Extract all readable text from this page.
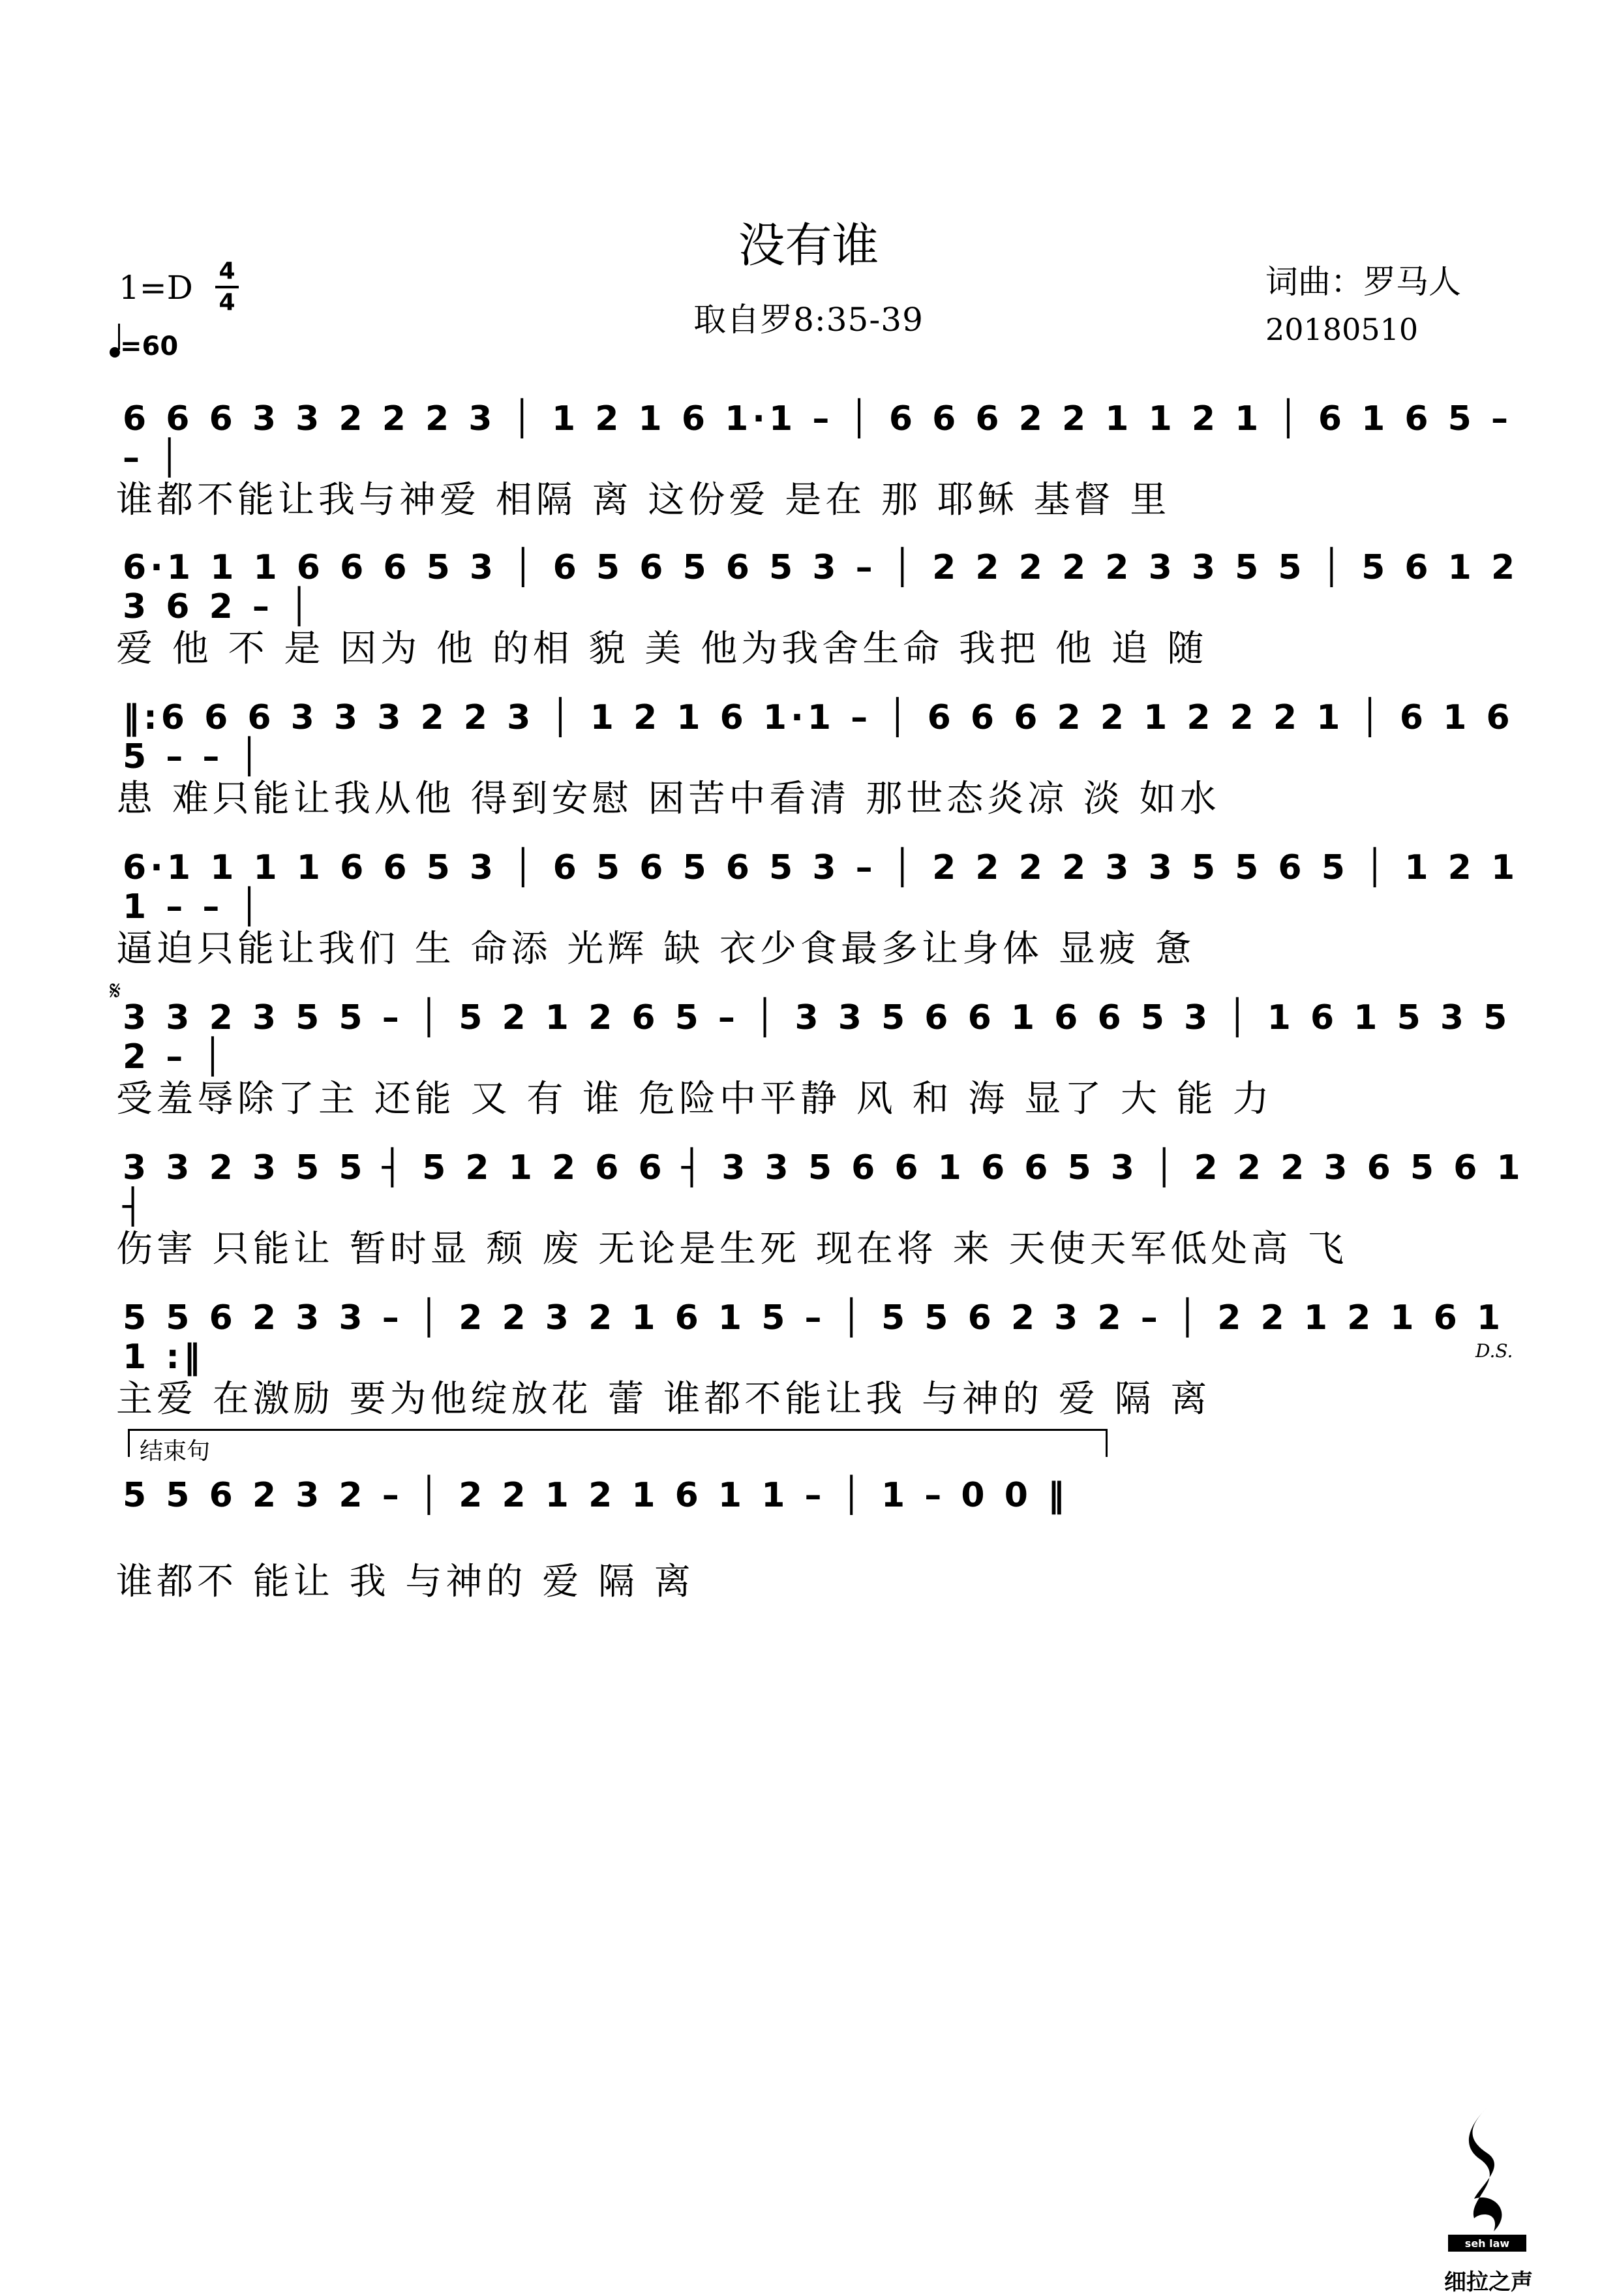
没有谁
取自罗8:35-39
词曲：罗马人
20180510
1=D 4
4
=60
6 6 6 3 3 2 2 2 3 │ 1 2 1 6 1·1 – │ 6 6 6 2 2 1 1 2 1 │ 6 1 6 5 – – │
谁都不能让我与神爱 相隔 离 这份爱 是在 那 耶稣 基督 里
6·1 1 1 6 6 6 5 3 │ 6 5 6 5 6 5 3 – │ 2 2 2 2 2 3 3 5 5 │ 5 6 1 2 3 6 2 – │
爱 他 不 是 因为 他 的相 貌 美 他为我舍生命 我把 他 追 随
‖:6 6 6 3 3 3 2 2 3 │ 1 2 1 6 1·1 – │ 6 6 6 2 2 1 2 2 2 1 │ 6 1 6 5 – – │
患 难只能让我从他 得到安慰 困苦中看清 那世态炎凉 淡 如水
6·1 1 1 1 6 6 5 3 │ 6 5 6 5 6 5 3 – │ 2 2 2 2 3 3 5 5 6 5 │ 1 2 1 1 – – │
逼迫只能让我们 生 命添 光辉 缺 衣少食最多让身体 显疲 惫
𝄋
3 3 2 3 5 5 – │ 5 2 1 2 6 5 – │ 3 3 5 6 6 1 6 6 5 3 │ 1 6 1 5 3 5 2 – │
受羞辱除了主 还能 又 有 谁 危险中平静 风 和 海 显了 大 能 力
3 3 2 3 5 5 ┤ 5 2 1 2 6 6 ┤ 3 3 5 6 6 1 6 6 5 3 │ 2 2 2 3 6 5 6 1 ┤
伤害 只能让 暂时显 颓 废 无论是生死 现在将 来 天使天军低处高 飞
5 5 6 2 3 3 – │ 2 2 3 2 1 6 1 5 – │ 5 5 6 2 3 2 – │ 2 2 1 2 1 6 1 1 :‖	D.S.
主爱 在激励 要为他绽放花 蕾 谁都不能让我 与神的 爱 隔 离
结束句
5 5 6 2 3 2 – │ 2 2 1 2 1 6 1 1 – │ 1 – 0 0 ‖
谁都不 能让 我 与神的 爱 隔 离
seh law
细拉之声
